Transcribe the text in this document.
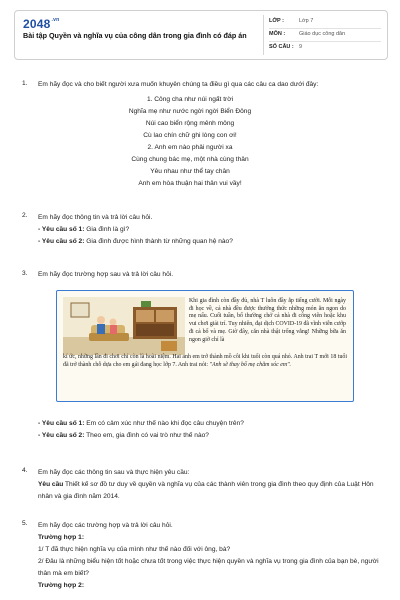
$2048^{.vn}$
Bài tập Quyền và nghĩa vụ của công dân trong gia đình có đáp án
LỚP :	Lớp 7
MÔN :	Giáo dục công dân
SỐ CÂU : 9
1. Em hãy đọc và cho biết người xưa muốn khuyên chúng ta điều gì qua các câu ca dao dưới đây:
1. Công cha như núi ngất trời
Nghĩa mẹ như nước ngời ngời Biển Đông
Núi cao biển rộng mênh mông
Cù lao chín chữ ghi lòng con ơi!
2. Anh em nào phải người xa
Cùng chung bác mẹ, một nhà cùng thân
Yêu nhau như thể tay chân
Anh em hòa thuận hai thân vui vầy!
2. Em hãy đọc thông tin và trả lời câu hỏi.
- Yêu cầu số 1: Gia đình là gì?
- Yêu cầu số 2: Gia đình được hình thành từ những quan hệ nào?
3. Em hãy đọc trường hợp sau và trả lời câu hỏi.
Khi gia đình còn đầy đủ, nhà T luôn đầy ắp tiếng cười. Mỗi ngày đi học về, cả nhà đều được thưởng thức những món ăn ngon do mẹ nấu. Cuối tuần, bố thường chở cả nhà đi công viên hoặc khu vui chơi giải trí. Tuy nhiên, đại dịch COVID-19 đã vĩnh viễn cướp đi cả bố và mẹ. Giờ đây, căn nhà thật trống vắng! Những bữa ăn ngon giờ chỉ là
kí ức, những lần đi chơi chỉ còn là hoài niệm. Hai anh em trở thành mồ côi khi tuổi còn quá nhỏ. Anh trai T mới 18 tuổi đã trở thành chỗ dựa cho em gái đang học lớp 7. Anh trai nói: "Anh sẽ thay bố mẹ chăm sóc em".
- Yêu cầu số 1: Em có cảm xúc như thế nào khi đọc câu chuyện trên?
- Yêu cầu số 2: Theo em, gia đình có vai trò như thế nào?
4. Em hãy đọc các thông tin sau và thực hiện yêu cầu:
Yêu cầu Thiết kế sơ đồ tư duy về quyền và nghĩa vụ của các thành viên trong gia đình theo quy định của Luật Hôn nhân và gia đình năm 2014.
5. Em hãy đọc các trường hợp và trả lời câu hỏi.
Trường hợp 1:
1/ T đã thực hiện nghĩa vụ của mình như thế nào đối với ông, bà?
2/ Đâu là những biểu hiện tốt hoặc chưa tốt trong việc thực hiện quyền và nghĩa vụ trong gia đình của bạn bè, người thân mà em biết?
Trường hợp 2:
